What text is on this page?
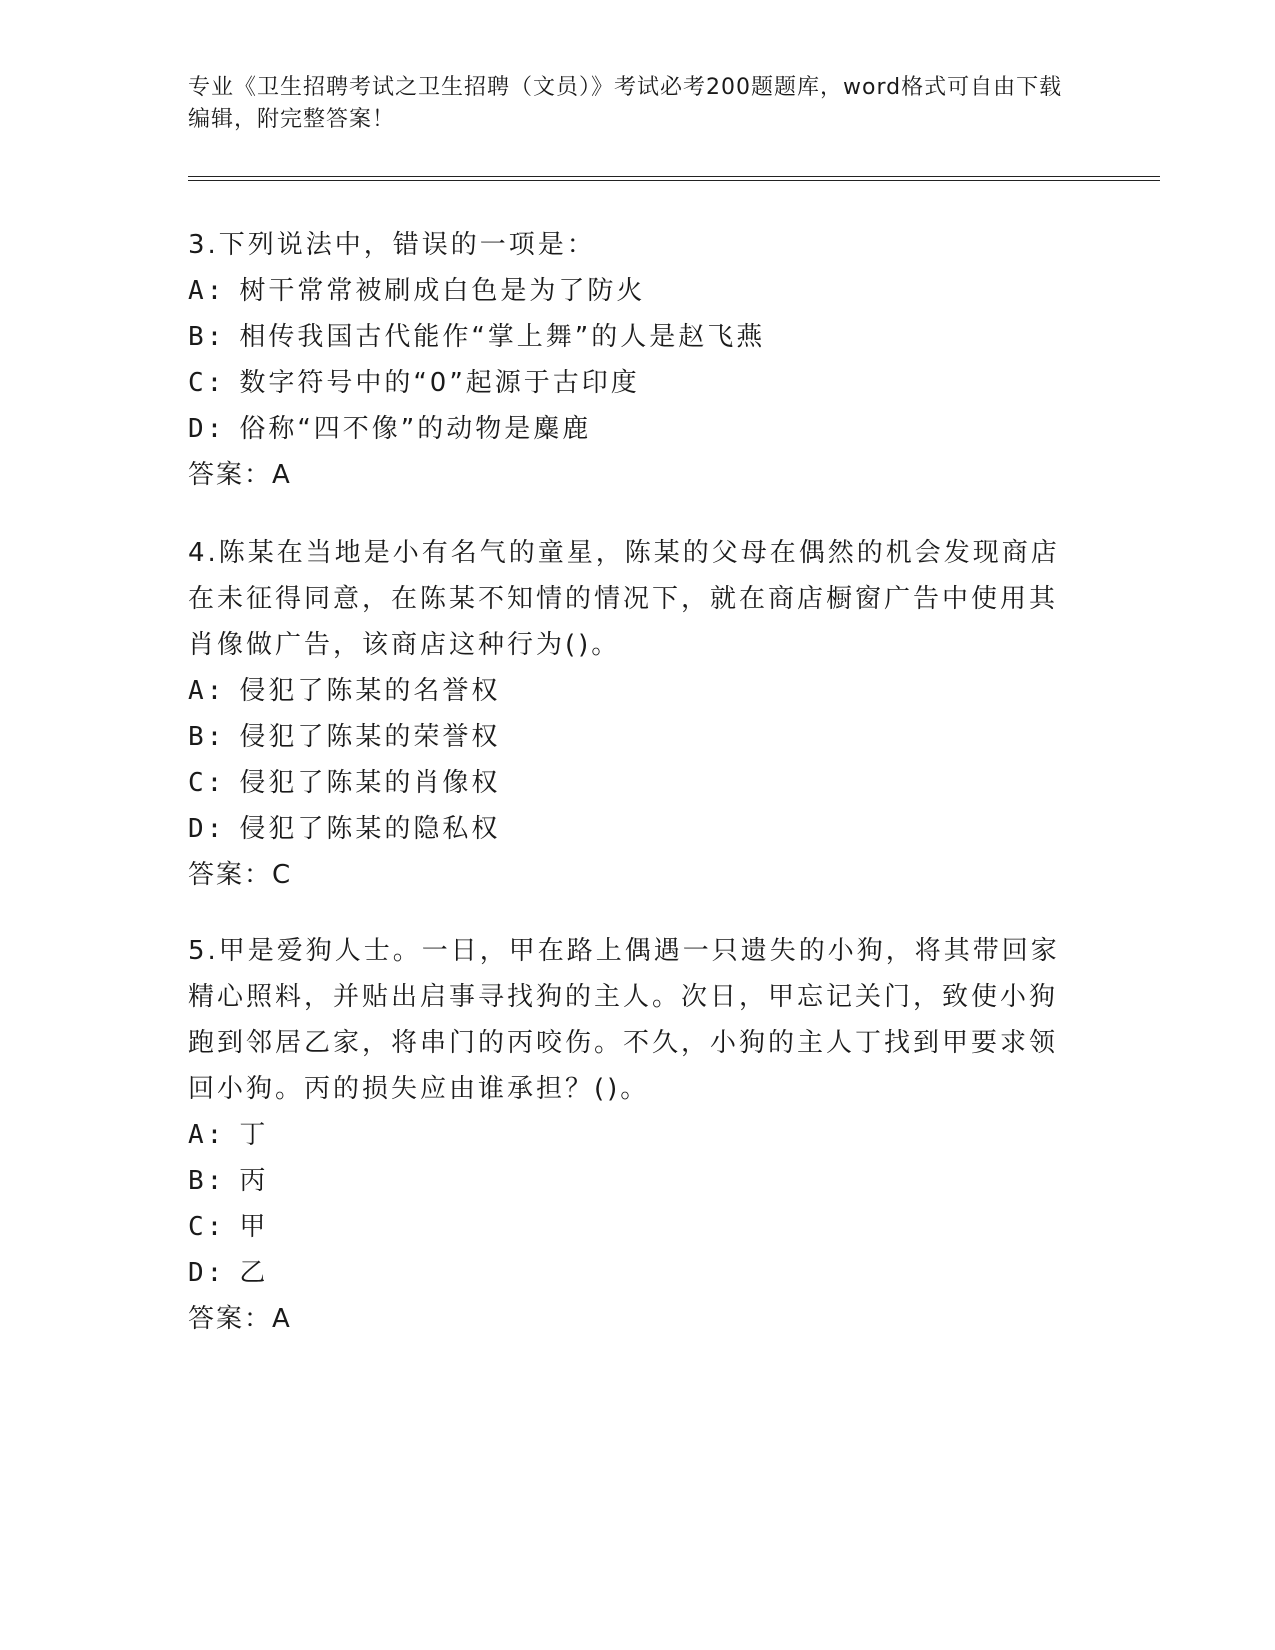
专业《卫生招聘考试之卫生招聘（文员）》考试必考200题题库，word格式可自由下载编辑，附完整答案！
3.下列说法中，错误的一项是：
A: 树干常常被刷成白色是为了防火
B: 相传我国古代能作“掌上舞”的人是赵飞燕
C: 数字符号中的“0”起源于古印度
D: 俗称“四不像”的动物是麋鹿
答案：A
4.陈某在当地是小有名气的童星，陈某的父母在偶然的机会发现商店在未征得同意，在陈某不知情的情况下，就在商店橱窗广告中使用其肖像做广告，该商店这种行为()。
A: 侵犯了陈某的名誉权
B: 侵犯了陈某的荣誉权
C: 侵犯了陈某的肖像权
D: 侵犯了陈某的隐私权
答案：C
5.甲是爱狗人士。一日，甲在路上偶遇一只遗失的小狗，将其带回家精心照料，并贴出启事寻找狗的主人。次日，甲忘记关门，致使小狗跑到邻居乙家，将串门的丙咬伤。不久，小狗的主人丁找到甲要求领回小狗。丙的损失应由谁承担？()。
A: 丁
B: 丙
C: 甲
D: 乙
答案：A
